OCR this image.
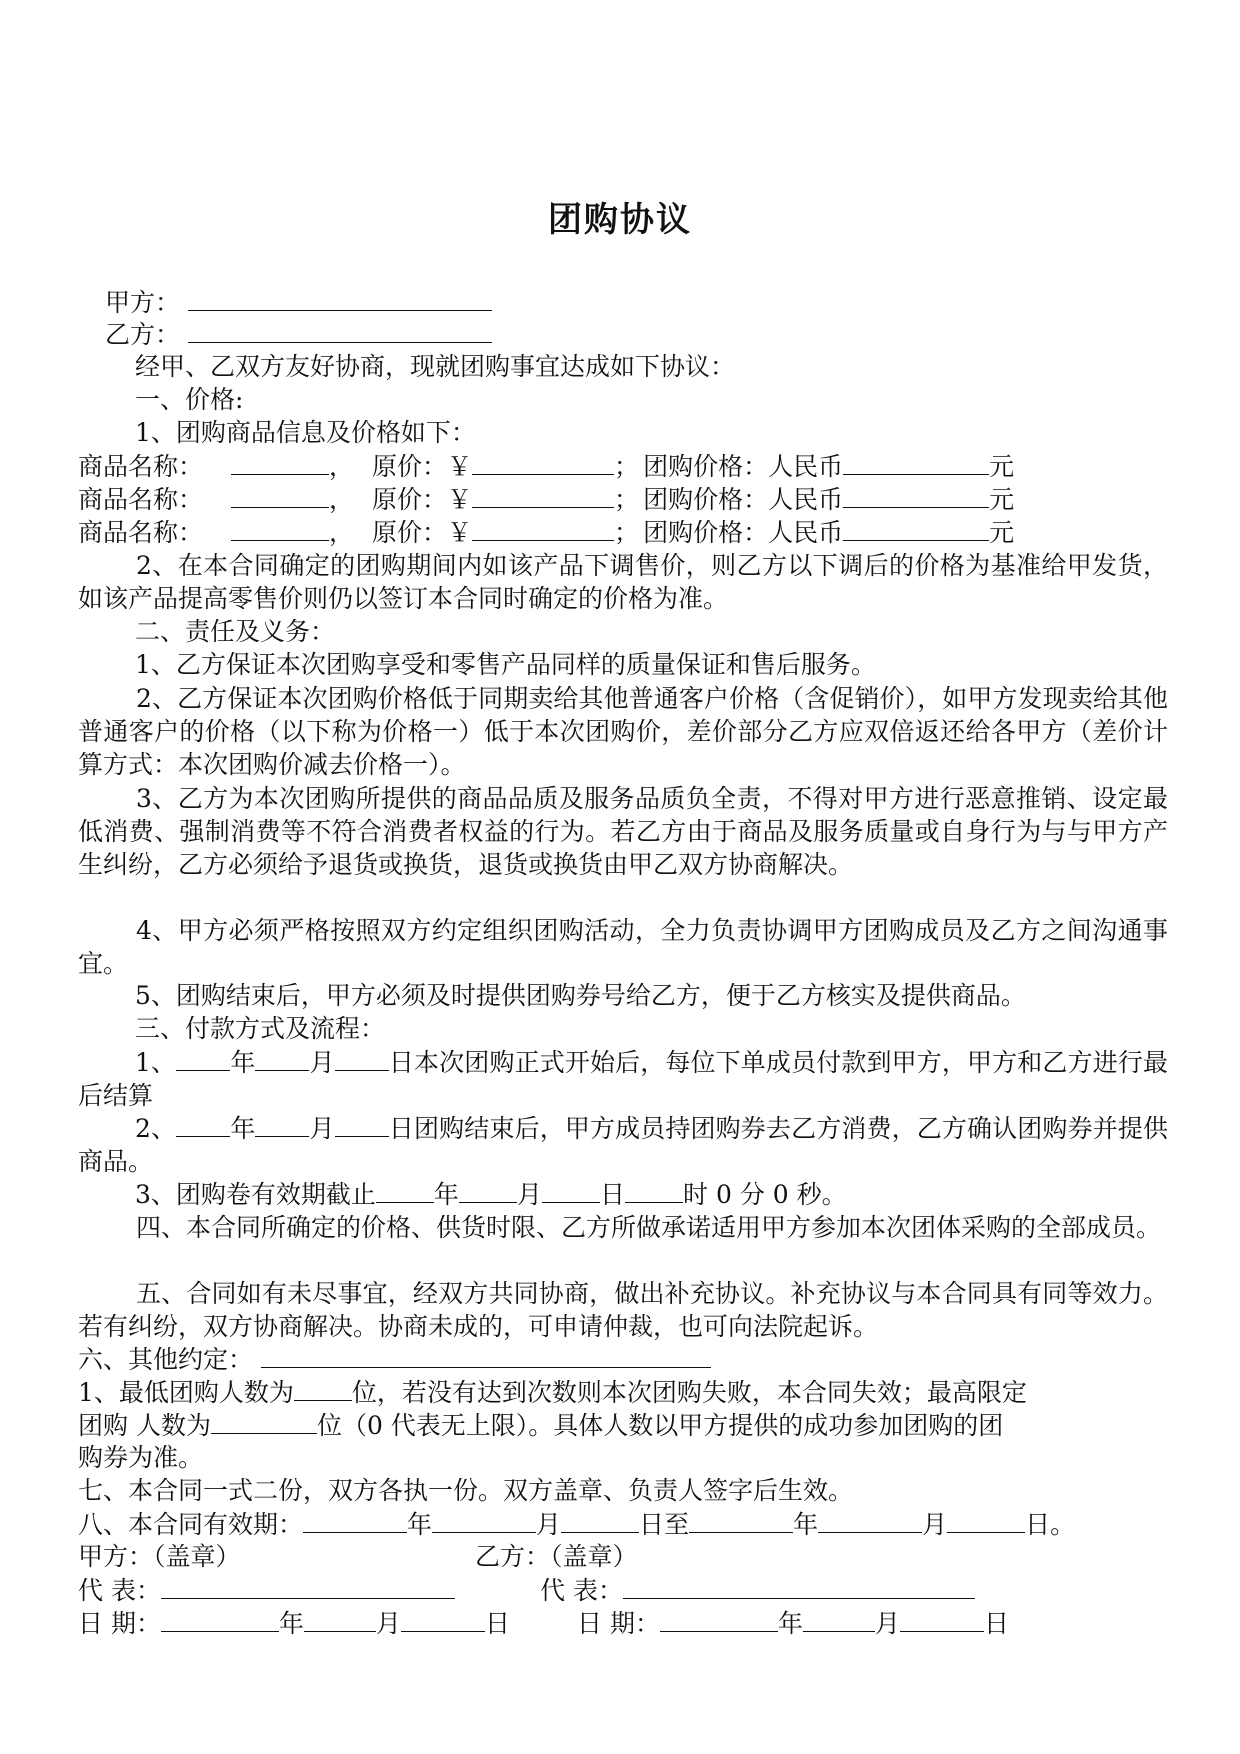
团购协议
甲方：
乙方：
经甲、乙双方友好协商，现就团购事宜达成如下协议：
一、价格:
1、团购商品信息及价格如下：
商品名称：	， 原价：￥	； 团购价格：人民币	元
商品名称：	， 原价：￥	； 团购价格：人民币	元
商品名称：	， 原价：￥	； 团购价格：人民币	元
2、在本合同确定的团购期间内如该产品下调售价，则乙方以下调后的价格为基准给甲发货，如该产品提高零售价则仍以签订本合同时确定的价格为准。
二、责任及义务：
1、乙方保证本次团购享受和零售产品同样的质量保证和售后服务。
2、乙方保证本次团购价格低于同期卖给其他普通客户价格（含促销价），如甲方发现卖给其他普通客户的价格（以下称为价格一）低于本次团购价，差价部分乙方应双倍返还给各甲方（差价计算方式：本次团购价减去价格一）。
3、乙方为本次团购所提供的商品品质及服务品质负全责，不得对甲方进行恶意推销、设定最低消费、强制消费等不符合消费者权益的行为。若乙方由于商品及服务质量或自身行为与与甲方产生纠纷，乙方必须给予退货或换货，退货或换货由甲乙双方协商解决。
4、甲方必须严格按照双方约定组织团购活动，全力负责协调甲方团购成员及乙方之间沟通事宜。
5、团购结束后，甲方必须及时提供团购券号给乙方，便于乙方核实及提供商品。
三、付款方式及流程：
1、 年 月 日本次团购正式开始后，每位下单成员付款到甲方，甲方和乙方进行最后结算
2、 年 月 日团购结束后，甲方成员持团购券去乙方消费，乙方确认团购券并提供商品。
3、团购卷有效期截止 年 月 日 时 0 分 0 秒。
四、本合同所确定的价格、供货时限、乙方所做承诺适用甲方参加本次团体采购的全部成员。
五、合同如有未尽事宜，经双方共同协商，做出补充协议。补充协议与本合同具有同等效力。若有纠纷，双方协商解决。协商未成的，可申请仲裁，也可向法院起诉。
六、其他约定：
1、最低团购人数为 位，若没有达到次数则本次团购失败，本合同失效；最高限定
团购 人数为	位（0 代表无上限）。具体人数以甲方提供的成功参加团购的团
购券为准。
七、本合同一式二份，双方各执一份。双方盖章、负责人签字后生效。
八、本合同有效期：	年	月	日至	年	月	日。
甲方：（盖章）	乙方：（盖章）
代 表：	代 表：
日 期：	年	月	日	日 期：	年	月	日
